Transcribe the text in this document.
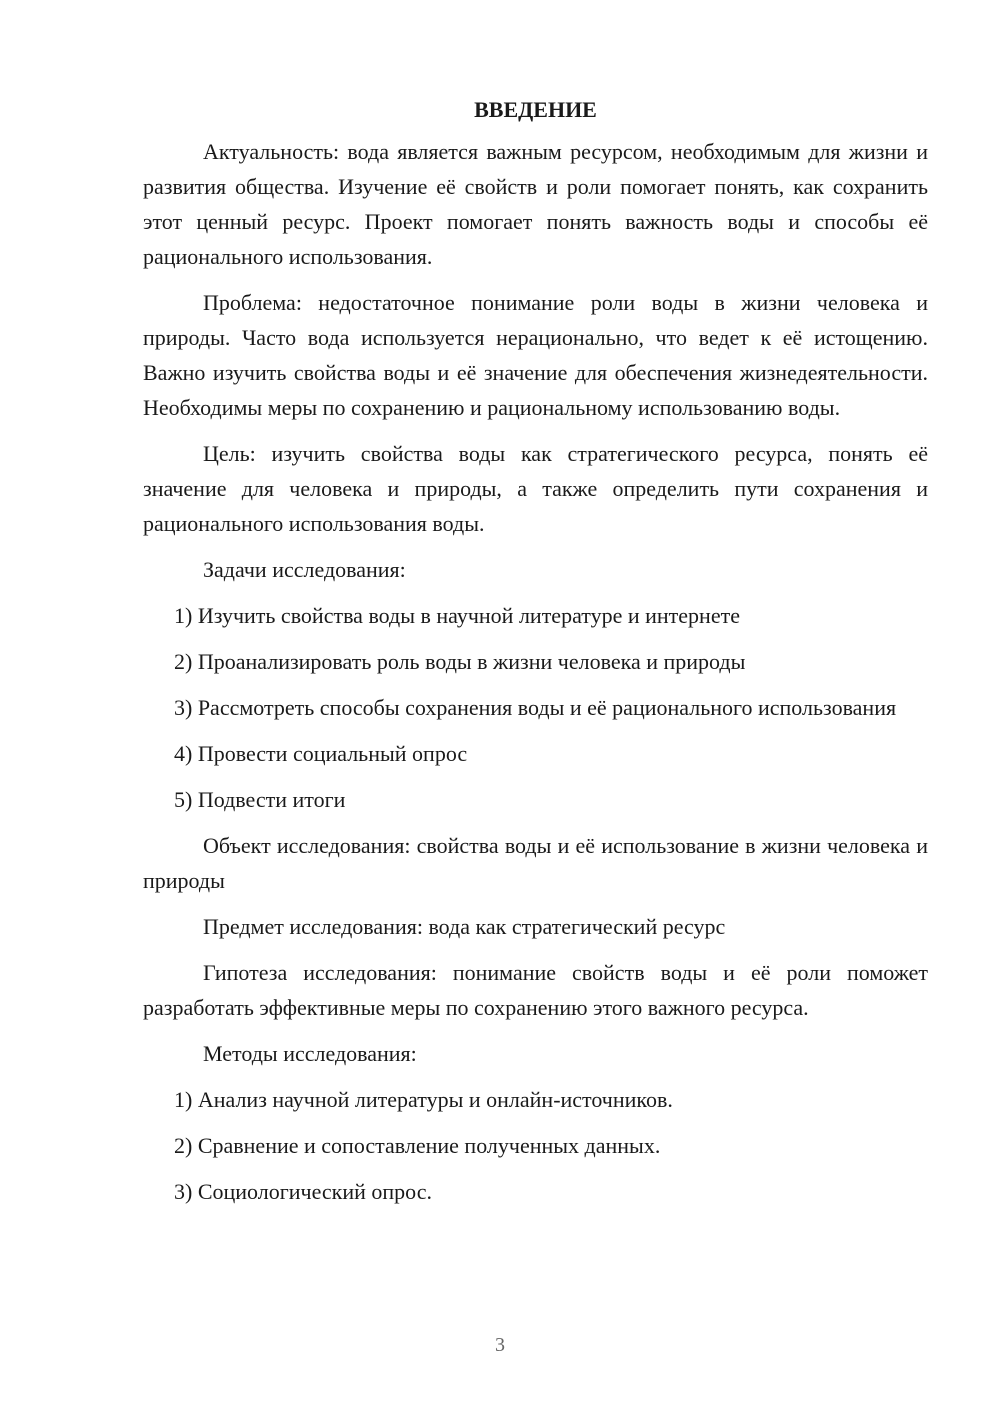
ВВЕДЕНИЕ

Актуальность: вода является важным ресурсом, необходимым для жизни и развития общества. Изучение её свойств и роли помогает понять, как сохранить этот ценный ресурс. Проект помогает понять важность воды и способы её рационального использования.

Проблема: недостаточное понимание роли воды в жизни человека и природы. Часто вода используется нерационально, что ведет к её истощению. Важно изучить свойства воды и её значение для обеспечения жизнедеятельности. Необходимы меры по сохранению и рациональному использованию воды.

Цель: изучить свойства воды как стратегического ресурса, понять её значение для человека и природы, а также определить пути сохранения и рационального использования воды.

Задачи исследования:

1) Изучить свойства воды в научной литературе и интернете

2) Проанализировать роль воды в жизни человека и природы

3) Рассмотреть способы сохранения воды и её рационального использования

4) Провести социальный опрос

5) Подвести итоги

Объект исследования: свойства воды и её использование в жизни человека и природы

Предмет исследования: вода как стратегический ресурс

Гипотеза исследования: понимание свойств воды и её роли поможет разработать эффективные меры по сохранению этого важного ресурса.

Методы исследования:

1) Анализ научной литературы и онлайн-источников.

2) Сравнение и сопоставление полученных данных.

3) Социологический опрос.

3
